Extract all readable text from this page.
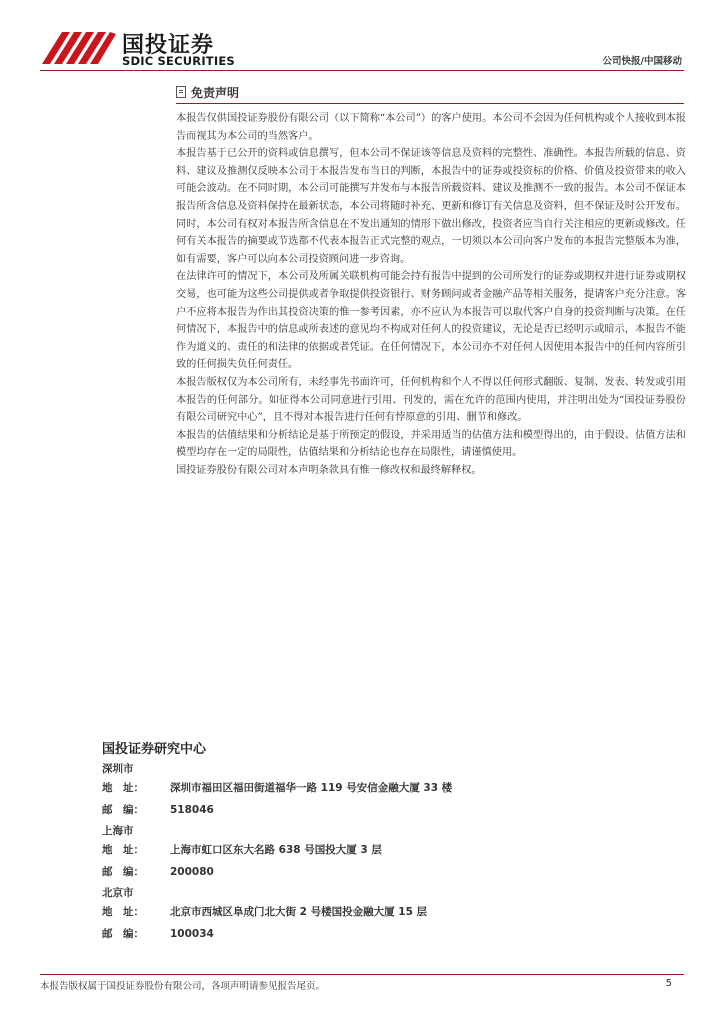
国投证券
SDIC SECURITIES	公司快报/中国移动
免责声明

本报告仅供国投证券股份有限公司（以下简称“本公司”）的客户使用。本公司不会因为任何机构或个人接收到本报告而视其为本公司的当然客户。

本报告基于已公开的资料或信息撰写，但本公司不保证该等信息及资料的完整性、准确性。本报告所载的信息、资料、建议及推测仅反映本公司于本报告发布当日的判断，本报告中的证券或投资标的价格、价值及投资带来的收入可能会波动。在不同时期，本公司可能撰写并发布与本报告所载资料、建议及推测不一致的报告。本公司不保证本报告所含信息及资料保持在最新状态，本公司将随时补充、更新和修订有关信息及资料，但不保证及时公开发布。同时，本公司有权对本报告所含信息在不发出通知的情形下做出修改，投资者应当自行关注相应的更新或修改。任何有关本报告的摘要或节选都不代表本报告正式完整的观点，一切须以本公司向客户发布的本报告完整版本为准，如有需要，客户可以向本公司投资顾问进一步咨询。

在法律许可的情况下，本公司及所属关联机构可能会持有报告中提到的公司所发行的证券或期权并进行证券或期权交易，也可能为这些公司提供或者争取提供投资银行、财务顾问或者金融产品等相关服务，提请客户充分注意。客户不应将本报告为作出其投资决策的惟一参考因素，亦不应认为本报告可以取代客户自身的投资判断与决策。在任何情况下，本报告中的信息或所表述的意见均不构成对任何人的投资建议，无论是否已经明示或暗示，本报告不能作为道义的、责任的和法律的依据或者凭证。在任何情况下，本公司亦不对任何人因使用本报告中的任何内容所引致的任何损失负任何责任。

本报告版权仅为本公司所有，未经事先书面许可，任何机构和个人不得以任何形式翻版、复制、发表、转发或引用本报告的任何部分。如征得本公司同意进行引用、刊发的，需在允许的范围内使用，并注明出处为“国投证券股份有限公司研究中心”，且不得对本报告进行任何有悖原意的引用、删节和修改。

本报告的估值结果和分析结论是基于所预定的假设，并采用适当的估值方法和模型得出的，由于假设、估值方法和模型均存在一定的局限性，估值结果和分析结论也存在局限性，请谨慎使用。

国投证券股份有限公司对本声明条款具有惟一修改权和最终解释权。

国投证券研究中心
深圳市
地　址：	深圳市福田区福田街道福华一路 119 号安信金融大厦 33 楼
邮　编：	518046
上海市
地　址：	上海市虹口区东大名路 638 号国投大厦 3 层
邮　编：	200080
北京市
地　址：	北京市西城区阜成门北大街 2 号楼国投金融大厦 15 层
邮　编：	100034
本报告版权属于国投证券股份有限公司，各项声明请参见报告尾页。	5
